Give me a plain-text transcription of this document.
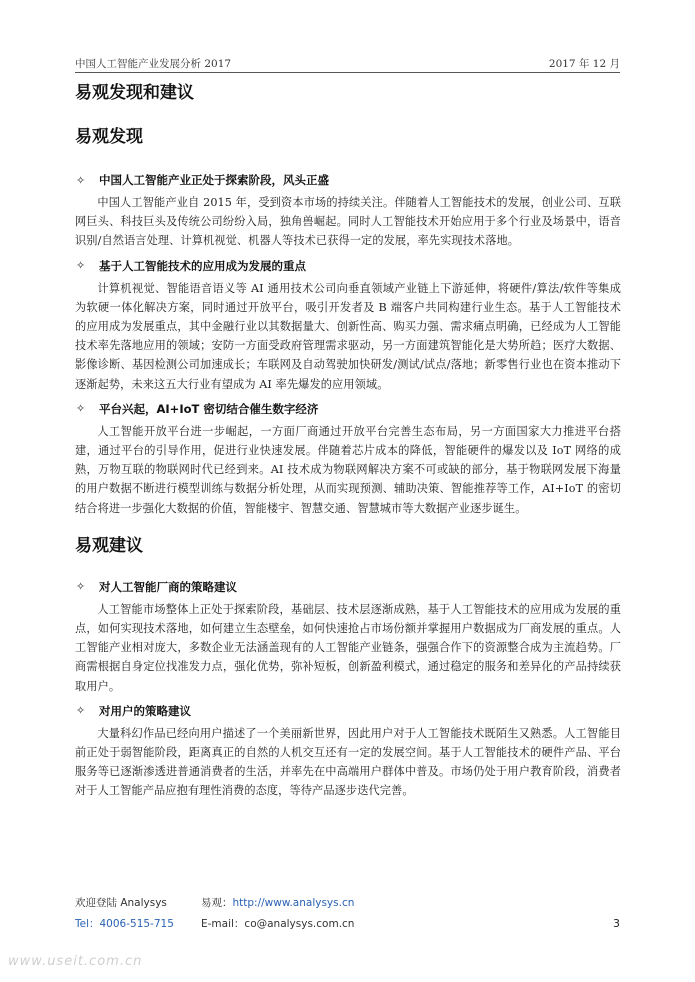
中国人工智能产业发展分析 2017	2017 年 12 月
易观发现和建议
易观发现
✧	中国人工智能产业正处于探索阶段，风头正盛

中国人工智能产业自 2015 年，受到资本市场的持续关注。伴随着人工智能技术的发展，创业公司、互联网巨头、科技巨头及传统公司纷纷入局，独角兽崛起。同时人工智能技术开始应用于多个行业及场景中，语音识别/自然语言处理、计算机视觉、机器人等技术已获得一定的发展，率先实现技术落地。

✧	基于人工智能技术的应用成为发展的重点

计算机视觉、智能语音语义等 AI 通用技术公司向垂直领域产业链上下游延伸，将硬件/算法/软件等集成为软硬一体化解决方案，同时通过开放平台，吸引开发者及 B 端客户共同构建行业生态。基于人工智能技术的应用成为发展重点，其中金融行业以其数据量大、创新性高、购买力强、需求痛点明确，已经成为人工智能技术率先落地应用的领域；安防一方面受政府管理需求驱动，另一方面建筑智能化是大势所趋；医疗大数据、影像诊断、基因检测公司加速成长；车联网及自动驾驶加快研发/测试/试点/落地；新零售行业也在资本推动下逐渐起势，未来这五大行业有望成为 AI 率先爆发的应用领域。

✧	平台兴起，AI+IoT 密切结合催生数字经济

人工智能开放平台进一步崛起，一方面厂商通过开放平台完善生态布局，另一方面国家大力推进平台搭建，通过平台的引导作用，促进行业快速发展。伴随着芯片成本的降低，智能硬件的爆发以及 IoT 网络的成熟，万物互联的物联网时代已经到来。AI 技术成为物联网解决方案不可或缺的部分，基于物联网发展下海量的用户数据不断进行模型训练与数据分析处理，从而实现预测、辅助决策、智能推荐等工作，AI+IoT 的密切结合将进一步强化大数据的价值，智能楼宇、智慧交通、智慧城市等大数据产业逐步诞生。

易观建议
✧	对人工智能厂商的策略建议

人工智能市场整体上正处于探索阶段，基础层、技术层逐渐成熟，基于人工智能技术的应用成为发展的重点，如何实现技术落地，如何建立生态壁垒，如何快速抢占市场份额并掌握用户数据成为厂商发展的重点。人工智能产业相对庞大，多数企业无法涵盖现有的人工智能产业链条，强强合作下的资源整合成为主流趋势。厂商需根据自身定位找准发力点，强化优势，弥补短板，创新盈利模式，通过稳定的服务和差异化的产品持续获取用户。

✧	对用户的策略建议

大量科幻作品已经向用户描述了一个美丽新世界，因此用户对于人工智能技术既陌生又熟悉。人工智能目前正处于弱智能阶段，距离真正的自然的人机交互还有一定的发展空间。基于人工智能技术的硬件产品、平台服务等已逐渐渗透进普通消费者的生活，并率先在中高端用户群体中普及。市场仍处于用户教育阶段，消费者对于人工智能产品应抱有理性消费的态度，等待产品逐步迭代完善。

欢迎登陆 Analysys	易观：http://www.analysys.cn
Tel：4006-515-715	E-mail：co@analysys.com.cn	3
www.useit.com.cn
